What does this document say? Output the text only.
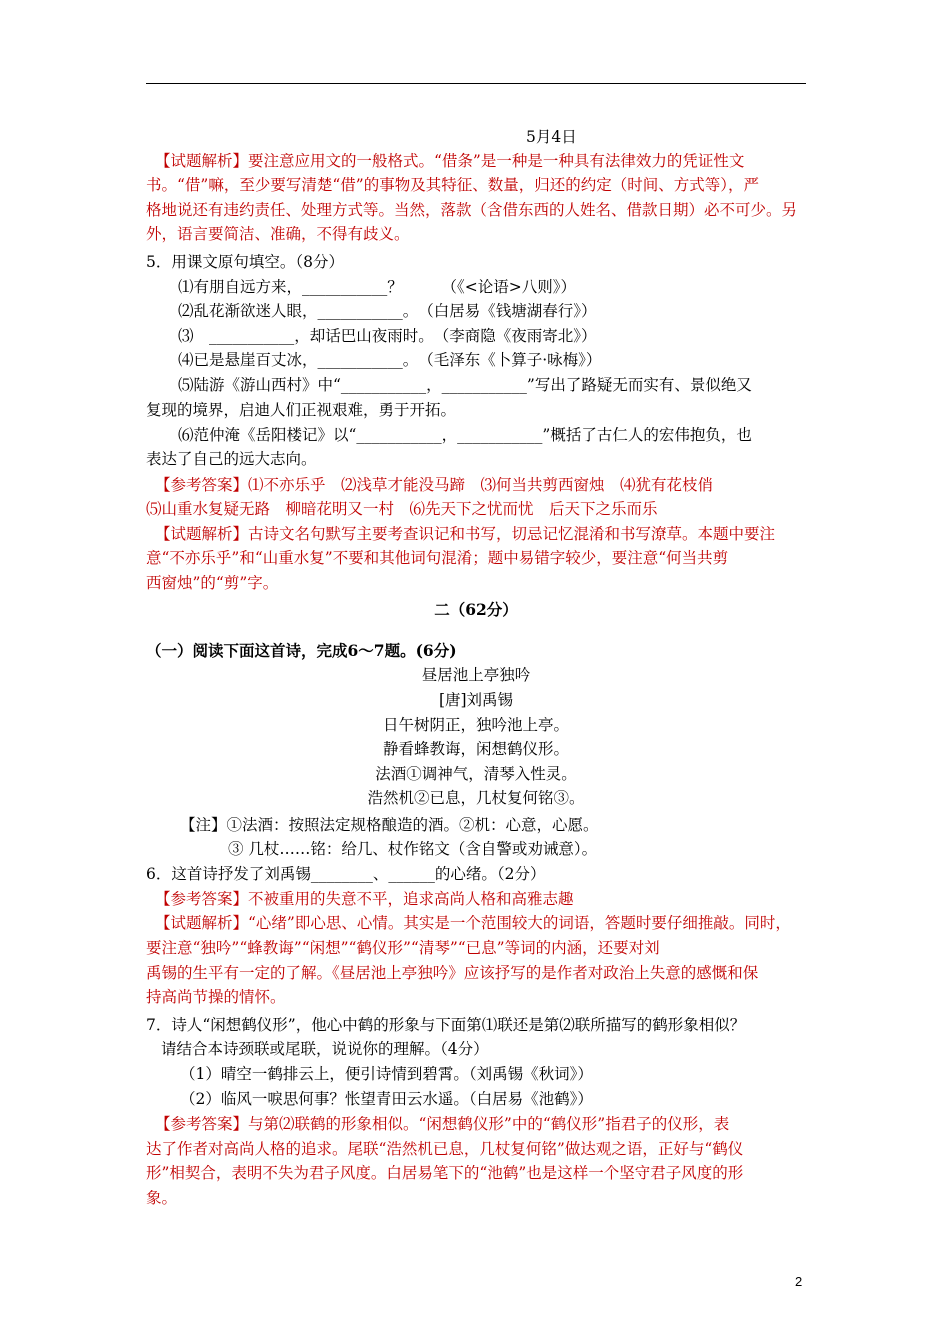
5月4日
【试题解析】要注意应用文的一般格式。“借条”是一种是一种具有法律效力的凭证性文
书。“借”嘛，至少要写清楚“借”的事物及其特征、数量，归还的约定（时间、方式等），严
格地说还有违约责任、处理方式等。当然，落款（含借东西的人姓名、借款日期）必不可少。另
外，语言要简洁、准确，不得有歧义。
5．用课文原句填空。（8分）
⑴有朋自远方来，___________？　　　（《<论语>八则》）
⑵乱花渐欲迷人眼，___________。　（白居易《钱塘湖春行》）
⑶　___________，却话巴山夜雨时。　（李商隐《夜雨寄北》）
⑷已是悬崖百丈冰，___________。　（毛泽东《卜算子·咏梅》）
⑸陆游《游山西村》中“___________，___________”写出了路疑无而实有、景似绝又
复现的境界，启迪人们正视艰难，勇于开拓。
⑹范仲淹《岳阳楼记》以“___________，___________”概括了古仁人的宏伟抱负，也
表达了自己的远大志向。
【参考答案】⑴不亦乐乎　⑵浅草才能没马蹄　⑶何当共剪西窗烛　⑷犹有花枝俏
⑸山重水复疑无路　柳暗花明又一村　⑹先天下之忧而忧　后天下之乐而乐
【试题解析】古诗文名句默写主要考查识记和书写，切忌记忆混淆和书写潦草。本题中要注
意“不亦乐乎”和“山重水复”不要和其他词句混淆；题中易错字较少，要注意“何当共剪
西窗烛”的“剪”字。
二（62分）
（一）阅读下面这首诗，完成6～7题。(6分)
昼居池上亭独吟
[唐]刘禹锡
日午树阴正，独吟池上亭。
静看蜂教诲，闲想鹤仪形。
法酒①调神气，清琴入性灵。
浩然机②已息，几杖复何铭③。
【注】①法酒：按照法定规格酿造的酒。②机：心意，心愿。
③ 几杖……铭：给几、杖作铭文（含自警或劝诫意）。
6．这首诗抒发了刘禹锡________、______的心绪。（2分）
【参考答案】不被重用的失意不平，追求高尚人格和高雅志趣
【试题解析】“心绪”即心思、心情。其实是一个范围较大的词语，答题时要仔细推敲。同时，
要注意“独吟”“蜂教诲”“闲想”“鹤仪形”“清琴”“已息”等词的内涵，还要对刘
禹锡的生平有一定的了解。《昼居池上亭独吟》应该抒写的是作者对政治上失意的感慨和保
持高尚节操的情怀。
7．诗人“闲想鹤仪形”，他心中鹤的形象与下面第⑴联还是第⑵联所描写的鹤形象相似？
请结合本诗颈联或尾联，说说你的理解。（4分）
（1）晴空一鹤排云上，便引诗情到碧霄。（刘禹锡《秋词》）
（2）临风一唳思何事？怅望青田云水遥。（白居易《池鹤》）
【参考答案】与第⑵联鹤的形象相似。“闲想鹤仪形”中的“鹤仪形”指君子的仪形，表
达了作者对高尚人格的追求。尾联“浩然机已息，几杖复何铭”做达观之语，正好与“鹤仪
形”相契合，表明不失为君子风度。白居易笔下的“池鹤”也是这样一个坚守君子风度的形
象。
2
